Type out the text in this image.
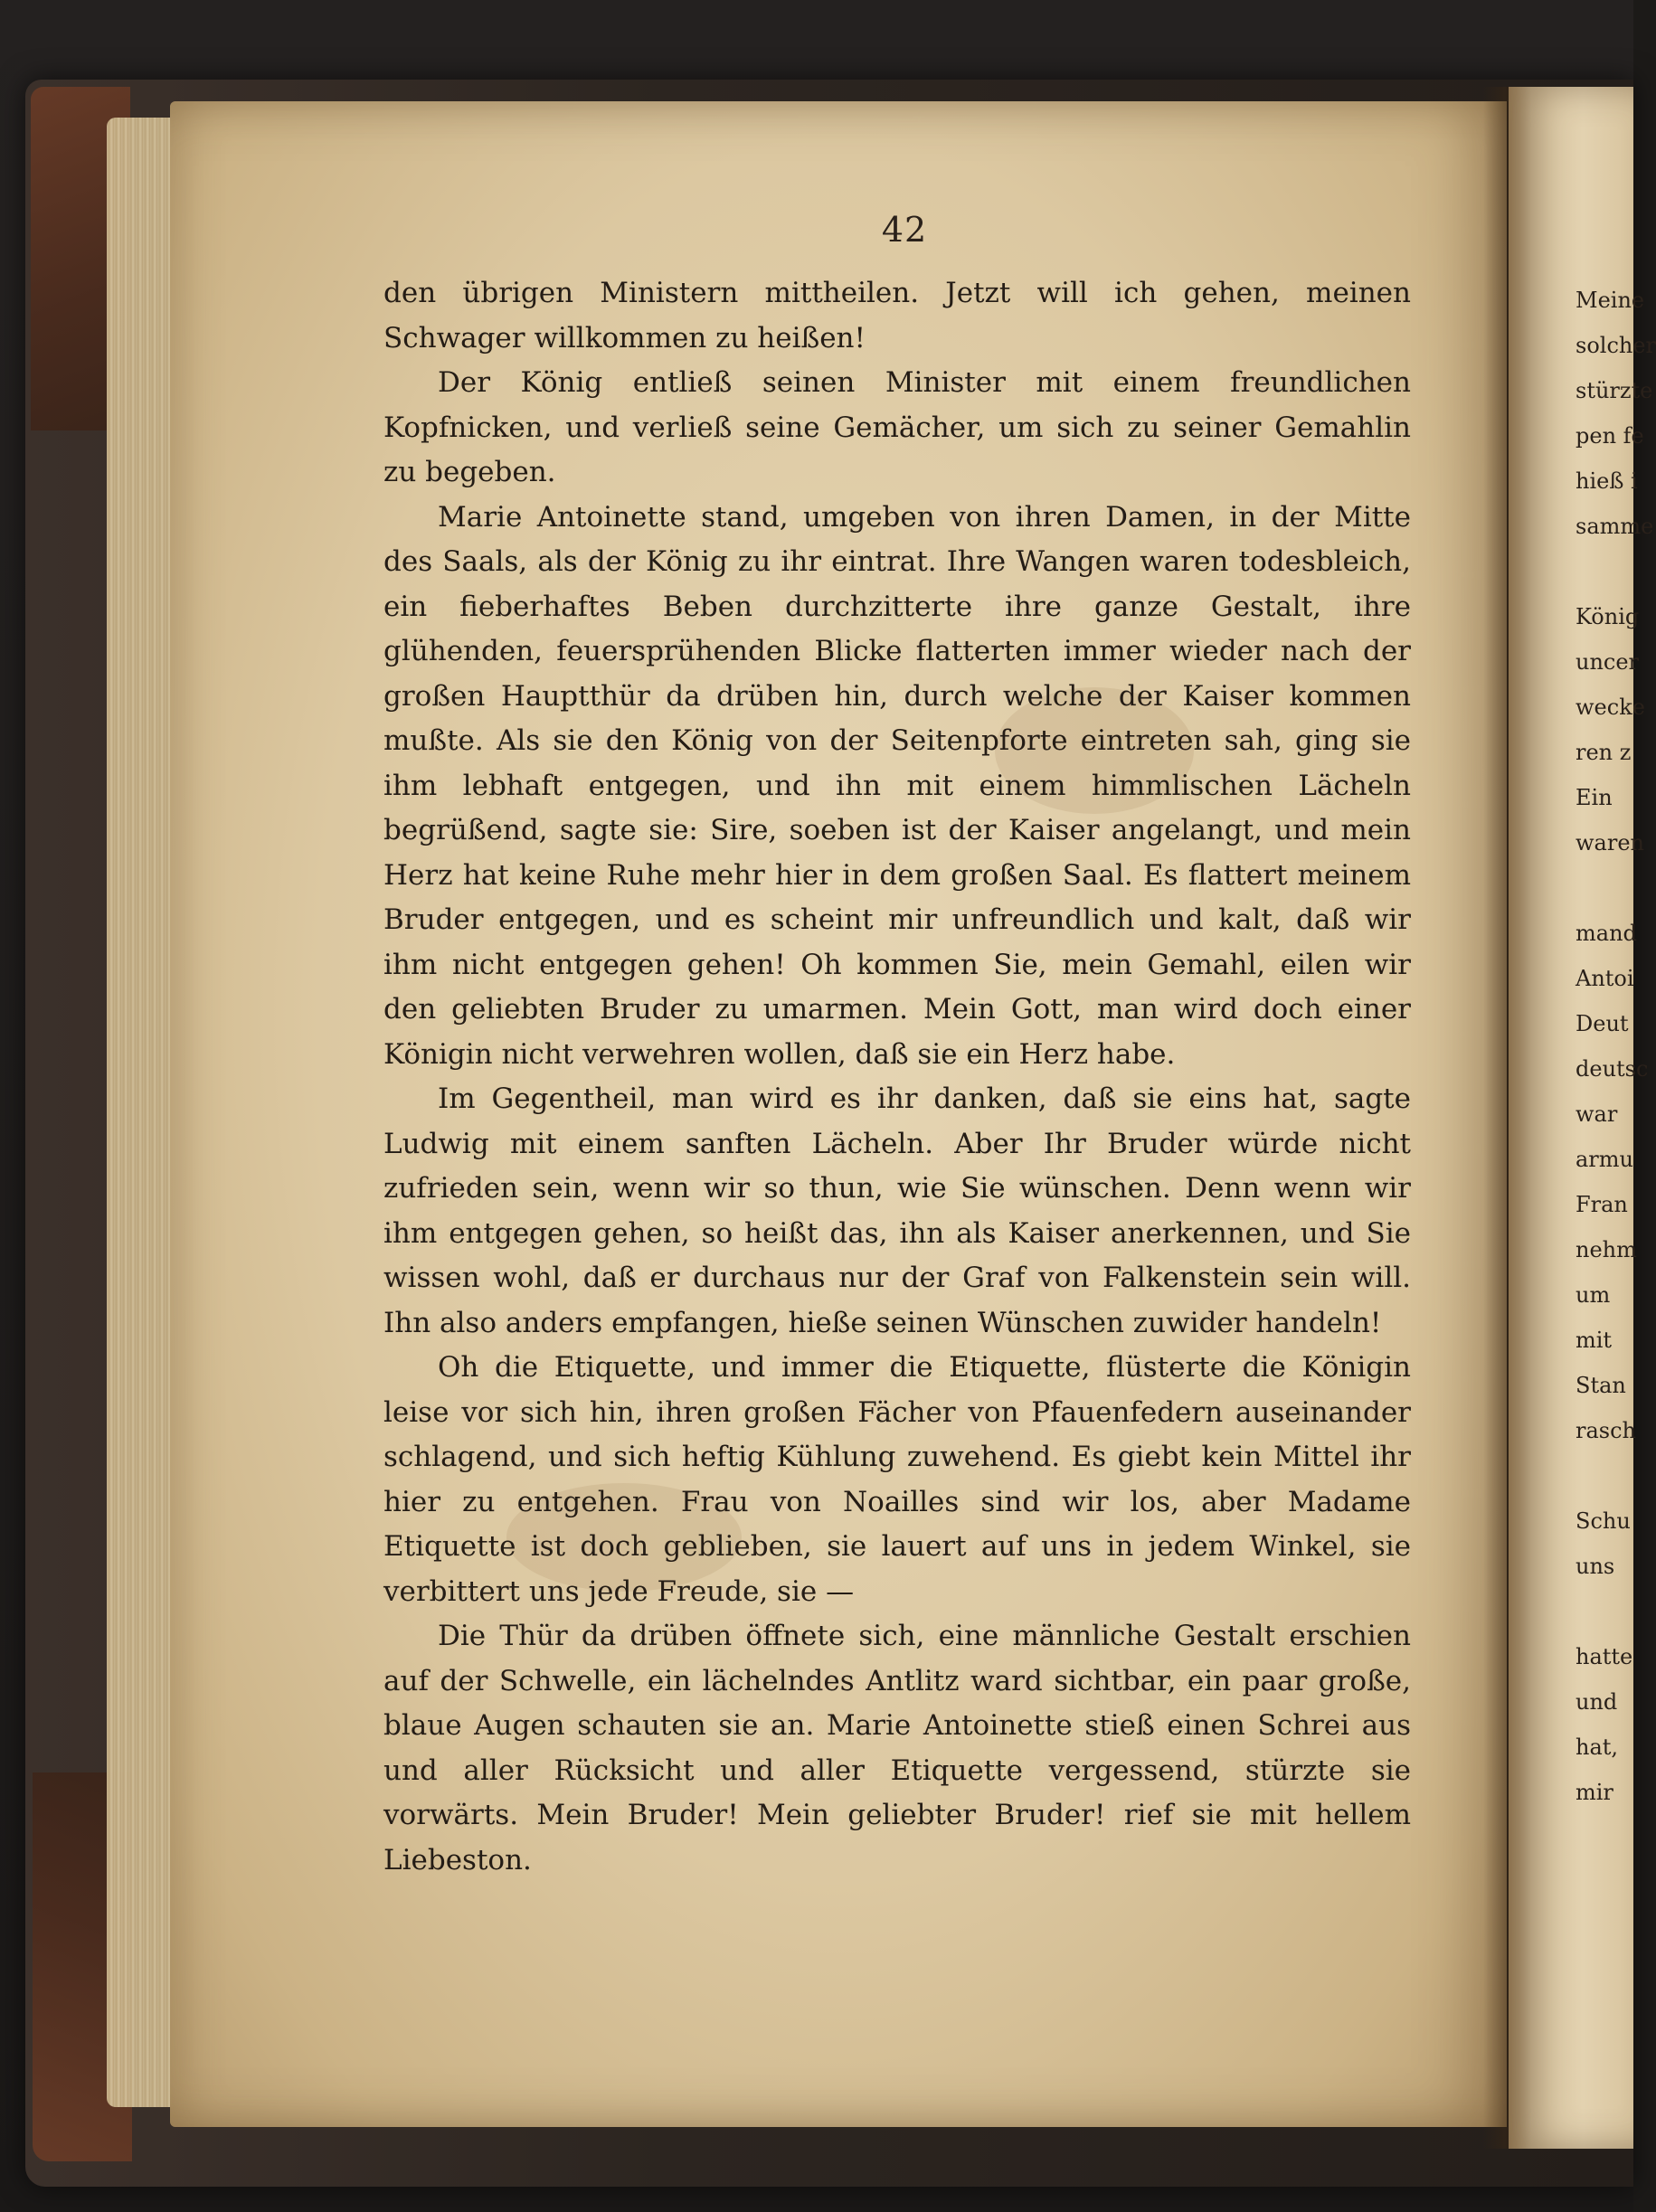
42

den übrigen Ministern mittheilen. Jetzt will ich gehen, meinen Schwager willkommen zu heißen!

Der König entließ seinen Minister mit einem freundlichen Kopfnicken, und verließ seine Gemächer, um sich zu seiner Gemahlin zu begeben.

Marie Antoinette stand, umgeben von ihren Damen, in der Mitte des Saals, als der König zu ihr eintrat. Ihre Wangen waren todesbleich, ein fieberhaftes Beben durchzitterte ihre ganze Gestalt, ihre glühenden, feuersprühenden Blicke flatterten immer wieder nach der großen Hauptthür da drüben hin, durch welche der Kaiser kommen mußte. Als sie den König von der Seitenpforte eintreten sah, ging sie ihm lebhaft entgegen, und ihn mit einem himmlischen Lächeln begrüßend, sagte sie: Sire, soeben ist der Kaiser angelangt, und mein Herz hat keine Ruhe mehr hier in dem großen Saal. Es flattert meinem Bruder entgegen, und es scheint mir unfreundlich und kalt, daß wir ihm nicht entgegen gehen! Oh kommen Sie, mein Gemahl, eilen wir den geliebten Bruder zu umarmen. Mein Gott, man wird doch einer Königin nicht verwehren wollen, daß sie ein Herz habe.

Im Gegentheil, man wird es ihr danken, daß sie eins hat, sagte Ludwig mit einem sanften Lächeln. Aber Ihr Bruder würde nicht zufrieden sein, wenn wir so thun, wie Sie wünschen. Denn wenn wir ihm entgegen gehen, so heißt das, ihn als Kaiser anerkennen, und Sie wissen wohl, daß er durchaus nur der Graf von Falkenstein sein will. Ihn also anders empfangen, hieße seinen Wünschen zuwider handeln!

Oh die Etiquette, und immer die Etiquette, flüsterte die Königin leise vor sich hin, ihren großen Fächer von Pfauenfedern auseinander schlagend, und sich heftig Kühlung zuwehend. Es giebt kein Mittel ihr hier zu entgehen. Frau von Noailles sind wir los, aber Madame Etiquette ist doch geblieben, sie lauert auf uns in jedem Winkel, sie verbittert uns jede Freude, sie —

Die Thür da drüben öffnete sich, eine männliche Gestalt erschien auf der Schwelle, ein lächelndes Antlitz ward sichtbar, ein paar große, blaue Augen schauten sie an. Marie Antoinette stieß einen Schrei aus und aller Rücksicht und aller Etiquette vergessend, stürzte sie vorwärts. Mein Bruder! Mein geliebter Bruder! rief sie mit hellem Liebeston.

Meine
solcher
stürzte
pen fe
hieß i
samme
König
uncer
wecke
ren z
Ein
waren
mand
Antoi
Deut
deutsc
war
armu
Fran
nehm
um
mit
Stan
rasch
Schu
uns
hatte
und
hat,
mir
